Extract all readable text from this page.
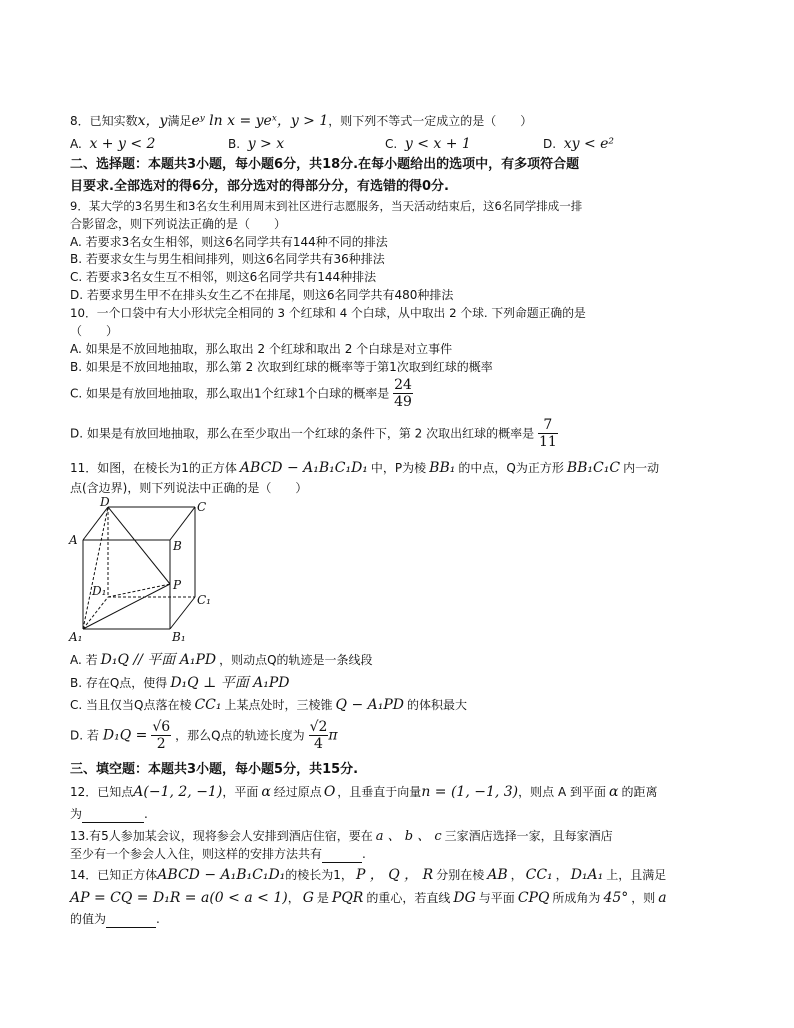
8．已知实数x，y满足eʸ ln x = yeˣ，y > 1，则下列不等式一定成立的是（　　）
A. x + y < 2	B. y > x	C. y < x + 1	D. xy < e²
二、选择题：本题共3小题，每小题6分，共18分.在每小题给出的选项中，有多项符合题
目要求.全部选对的得6分，部分选对的得部分分，有选错的得0分.
9．某大学的3名男生和3名女生利用周末到社区进行志愿服务，当天活动结束后，这6名同学排成一排
合影留念，则下列说法正确的是（　　）
A. 若要求3名女生相邻，则这6名同学共有144种不同的排法
B. 若要求女生与男生相间排列，则这6名同学共有36种排法
C. 若要求3名女生互不相邻，则这6名同学共有144种排法
D. 若要求男生甲不在排头女生乙不在排尾，则这6名同学共有480种排法
10．一个口袋中有大小形状完全相同的 3 个红球和 4 个白球，从中取出 2 个球. 下列命题正确的是
（　　）
A. 如果是不放回地抽取，那么取出 2 个红球和取出 2 个白球是对立事件
B. 如果是不放回地抽取，那么第 2 次取到红球的概率等于第1次取到红球的概率
C. 如果是有放回地抽取，那么取出1个红球1个白球的概率是 $\frac{24}{49}$
D. 如果是有放回地抽取，那么在至少取出一个红球的条件下，第 2 次取出红球的概率是 $\frac{7}{11}$
11．如图，在棱长为1的正方体 ABCD − A₁B₁C₁D₁ 中，P为棱 BB₁ 的中点，Q为正方形 BB₁C₁C 内一动
点(含边界)，则下列说法中正确的是（　　）
D	C
A	B
P
D₁
C₁
A₁	B₁
A. 若 D₁Q // 平面 A₁PD ，则动点Q的轨迹是一条线段
B. 存在Q点，使得 D₁Q ⊥ 平面 A₁PD
C. 当且仅当Q点落在棱 CC₁ 上某点处时，三棱锥 Q − A₁PD 的体积最大
D. 若 $D_1Q = \frac{√6}{2}$ ，那么Q点的轨迹长度为 $\frac{√2}{4}$ π
三、填空题：本题共3小题，每小题5分，共15分.
12．已知点A(−1, 2, −1)，平面 α 经过原点 O ，且垂直于向量n = (1, −1, 3)，则点 A 到平面 α 的距离
为	.
13.有5人参加某会议，现将参会人安排到酒店住宿，要在 a 、 b 、 c 三家酒店选择一家，且每家酒店
至少有一个参会人入住，则这样的安排方法共有	.
14．已知正方体ABCD − A₁B₁C₁D₁的棱长为1， P ， Q ， R 分别在棱 AB ， CC₁ ， D₁A₁ 上，且满足
AP = CQ = D₁R = a(0 < a < 1)， G 是 PQR 的重心，若直线 DG 与平面 CPQ 所成角为 45° ，则 a
的值为	.
